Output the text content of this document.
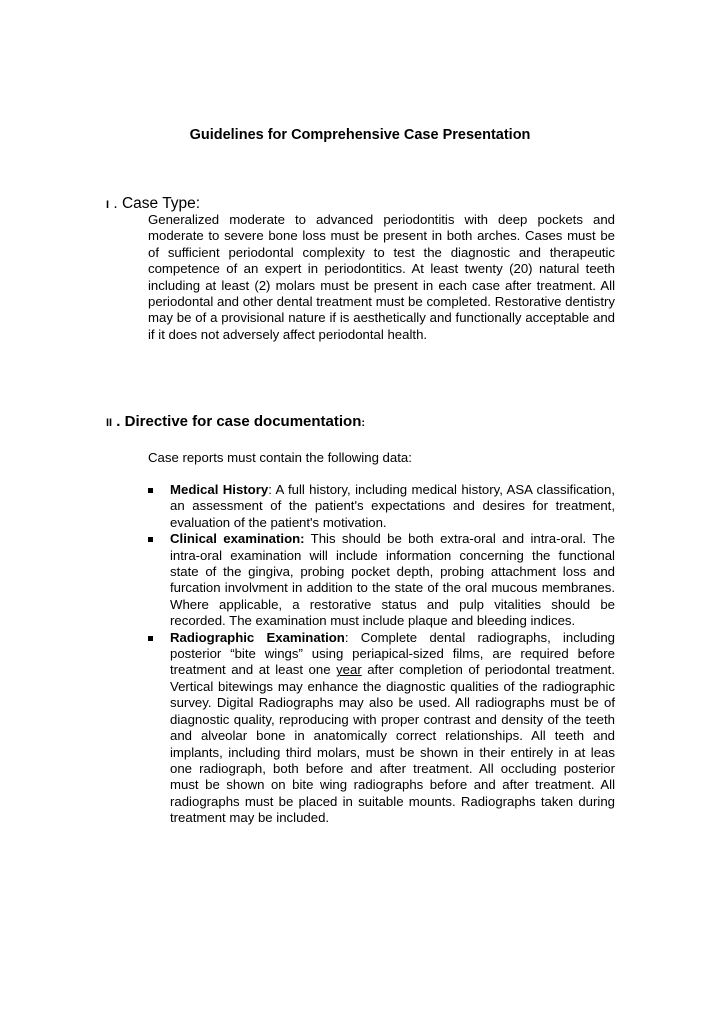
Guidelines for Comprehensive Case Presentation
I . Case Type:
Generalized moderate to advanced periodontitis with deep pockets and moderate to severe bone loss must be present in both arches. Cases must be of sufficient periodontal complexity to test the diagnostic and therapeutic competence of an expert in periodontitics. At least twenty (20) natural teeth including at least (2) molars must be present in each case after treatment. All periodontal and other dental treatment must be completed. Restorative dentistry may be of a provisional nature if is aesthetically and functionally acceptable and if it does not adversely affect periodontal health.
II . Directive for case documentation:
Case reports must contain the following data:
Medical History: A full history, including medical history, ASA classification, an assessment of the patient's expectations and desires for treatment, evaluation of the patient's motivation.
Clinical examination: This should be both extra-oral and intra-oral. The intra-oral examination will include information concerning the functional state of the gingiva, probing pocket depth, probing attachment loss and furcation involvment in addition to the state of the oral mucous membranes. Where applicable, a restorative status and pulp vitalities should be recorded. The examination must include plaque and bleeding indices.
Radiographic Examination: Complete dental radiographs, including posterior “bite wings” using periapical-sized films, are required before treatment and at least one year after completion of periodontal treatment. Vertical bitewings may enhance the diagnostic qualities of the radiographic survey. Digital Radiographs may also be used. All radiographs must be of diagnostic quality, reproducing with proper contrast and density of the teeth and alveolar bone in anatomically correct relationships. All teeth and implants, including third molars, must be shown in their entirely in at leas one radiograph, both before and after treatment. All occluding posterior must be shown on bite wing radiographs before and after treatment. All radiographs must be placed in suitable mounts. Radiographs taken during treatment may be included.
